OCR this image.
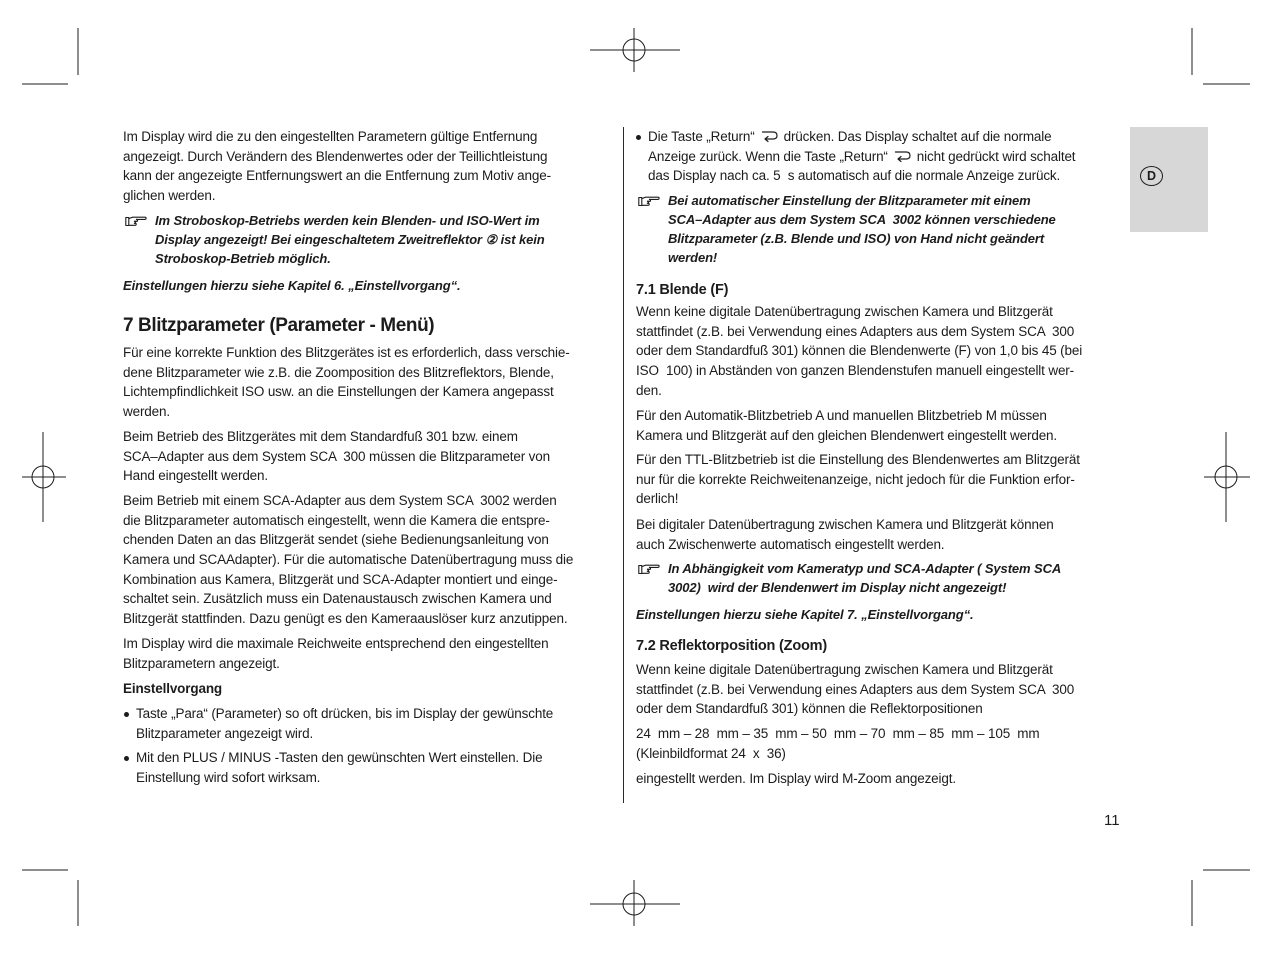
Im Display wird die zu den eingestellten Parametern gültige Entfernung
angezeigt. Durch Verändern des Blendenwertes oder der Teillichtleistung
kann der angezeigte Entfernungswert an die Entfernung zum Motiv ange-
glichen werden.
Im Stroboskop-Betriebs werden kein Blenden- und ISO-Wert im
Display angezeigt! Bei eingeschaltetem Zweitreflektor ② ist kein
Stroboskop-Betrieb möglich.
Einstellungen hierzu siehe Kapitel 6. „Einstellvorgang“.
7 Blitzparameter (Parameter - Menü)
Für eine korrekte Funktion des Blitzgerätes ist es erforderlich, dass verschie-
dene Blitzparameter wie z.B. die Zoomposition des Blitzreflektors, Blende,
Lichtempfindlichkeit ISO usw. an die Einstellungen der Kamera angepasst
werden.
Beim Betrieb des Blitzgerätes mit dem Standardfuß 301 bzw. einem
SCA–Adapter aus dem System SCA  300 müssen die Blitzparameter von
Hand eingestellt werden.
Beim Betrieb mit einem SCA-Adapter aus dem System SCA  3002 werden
die Blitzparameter automatisch eingestellt, wenn die Kamera die entspre-
chenden Daten an das Blitzgerät sendet (siehe Bedienungsanleitung von
Kamera und SCAAdapter). Für die automatische Datenübertragung muss die
Kombination aus Kamera, Blitzgerät und SCA-Adapter montiert und einge-
schaltet sein. Zusätzlich muss ein Datenaustausch zwischen Kamera und
Blitzgerät stattfinden. Dazu genügt es den Kameraauslöser kurz anzutippen.
Im Display wird die maximale Reichweite entsprechend den eingestellten
Blitzparametern angezeigt.
Einstellvorgang
Taste „Para“ (Parameter) so oft drücken, bis im Display der gewünschte
Blitzparameter angezeigt wird.
Mit den PLUS / MINUS -Tasten den gewünschten Wert einstellen. Die
Einstellung wird sofort wirksam.
Die Taste „Return“ drücken. Das Display schaltet auf die normale
Anzeige zurück. Wenn die Taste „Return“ nicht gedrückt wird schaltet
das Display nach ca. 5  s automatisch auf die normale Anzeige zurück.
Bei automatischer Einstellung der Blitzparameter mit einem
SCA–Adapter aus dem System SCA  3002 können verschiedene
Blitzparameter (z.B. Blende und ISO) von Hand nicht geändert
werden!
7.1 Blende (F)
Wenn keine digitale Datenübertragung zwischen Kamera und Blitzgerät
stattfindet (z.B. bei Verwendung eines Adapters aus dem System SCA  300
oder dem Standardfuß 301) können die Blendenwerte (F) von 1,0 bis 45 (bei
ISO  100) in Abständen von ganzen Blendenstufen manuell eingestellt wer-
den.
Für den Automatik-Blitzbetrieb A und manuellen Blitzbetrieb M müssen
Kamera und Blitzgerät auf den gleichen Blendenwert eingestellt werden.
Für den TTL-Blitzbetrieb ist die Einstellung des Blendenwertes am Blitzgerät
nur für die korrekte Reichweitenanzeige, nicht jedoch für die Funktion erfor-
derlich!
Bei digitaler Datenübertragung zwischen Kamera und Blitzgerät können
auch Zwischenwerte automatisch eingestellt werden.
In Abhängigkeit vom Kameratyp und SCA-Adapter ( System SCA
3002)  wird der Blendenwert im Display nicht angezeigt!
Einstellungen hierzu siehe Kapitel 7. „Einstellvorgang“.
7.2 Reflektorposition (Zoom)
Wenn keine digitale Datenübertragung zwischen Kamera und Blitzgerät
stattfindet (z.B. bei Verwendung eines Adapters aus dem System SCA  300
oder dem Standardfuß 301) können die Reflektorpositionen
24  mm – 28  mm – 35  mm – 50  mm – 70  mm – 85  mm – 105  mm
(Kleinbildformat 24  x  36)
eingestellt werden. Im Display wird M-Zoom angezeigt.
D
11
